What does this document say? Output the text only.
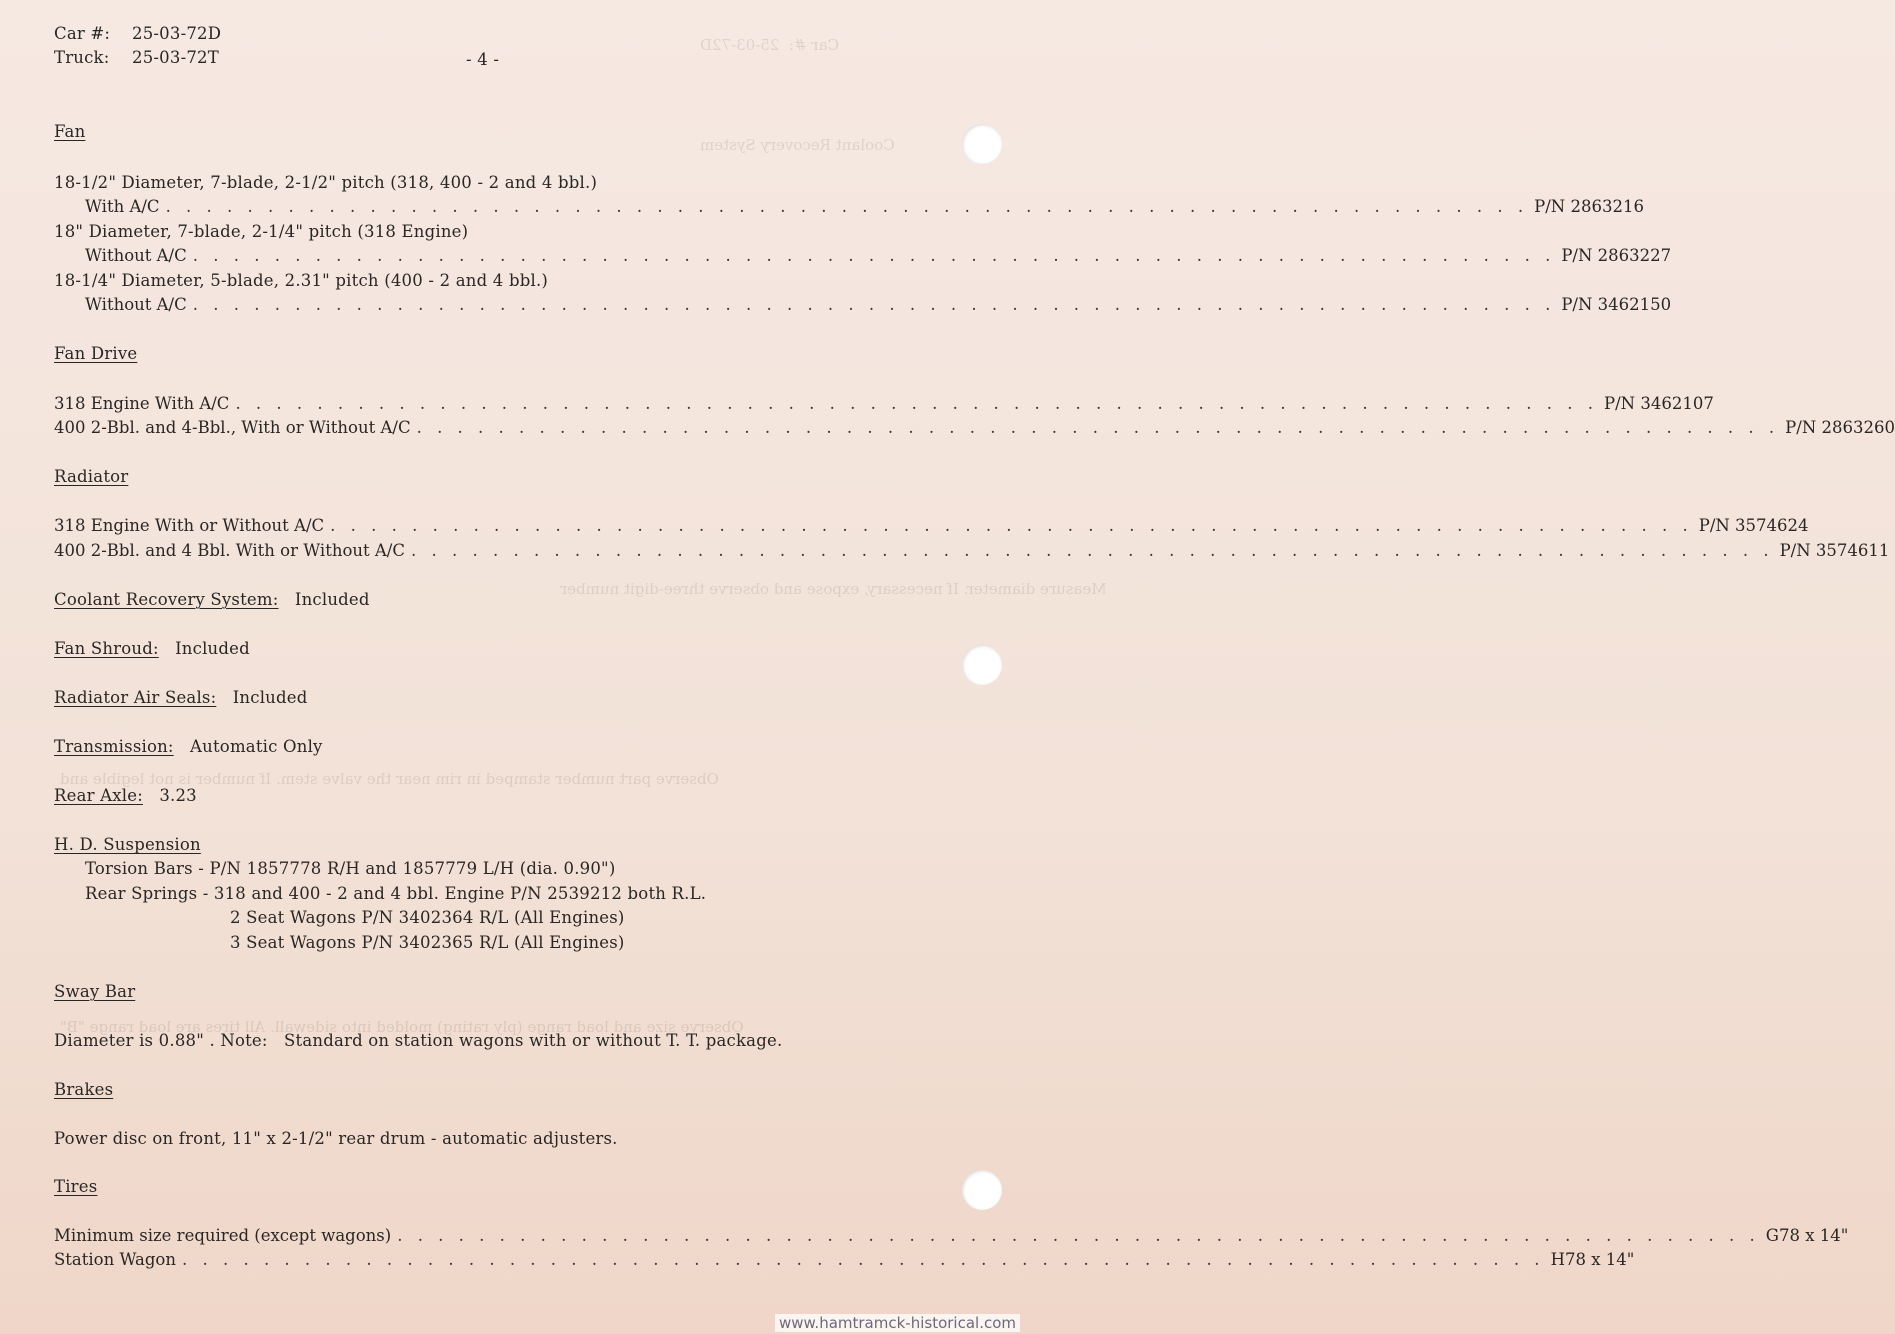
Car #:  25-03-72D
Coolant Recovery System
Measure diameter. If necessary, expose and observe three-digit number
Observe part number stamped in rim near the valve stem. If number is not legible and
Observe size and load range (ply rating) molded into sidewall. All tires are load range "B"
Car #: 25-03-72D
Truck: 25-03-72T	- 4 -
Fan
18-1/2" Diameter, 7-blade, 2-1/2" pitch (318, 400 - 2 and 4 bbl.)
With A/C . . . . . . . . . . . . . . . . . . . . . . . . . . . . . . . . . . . . . . . . . . . . . . . . . . . . . . . . . . . . . . . . . . . P/N 2863216
18" Diameter, 7-blade, 2-1/4" pitch (318 Engine)
Without A/C . . . . . . . . . . . . . . . . . . . . . . . . . . . . . . . . . . . . . . . . . . . . . . . . . . . . . . . . . . . . . . . . . . . P/N 2863227
18-1/4" Diameter, 5-blade, 2.31" pitch (400 - 2 and 4 bbl.)
Without A/C . . . . . . . . . . . . . . . . . . . . . . . . . . . . . . . . . . . . . . . . . . . . . . . . . . . . . . . . . . . . . . . . . . . P/N 3462150
Fan Drive
318 Engine With A/C . . . . . . . . . . . . . . . . . . . . . . . . . . . . . . . . . . . . . . . . . . . . . . . . . . . . . . . . . . . . . . . . . . . P/N 3462107
400 2-Bbl. and 4-Bbl., With or Without A/C . . . . . . . . . . . . . . . . . . . . . . . . . . . . . . . . . . . . . . . . . . . . . . . . . . . . . . . . . . . . . . . . . . . P/N 2863260
Radiator
318 Engine With or Without A/C . . . . . . . . . . . . . . . . . . . . . . . . . . . . . . . . . . . . . . . . . . . . . . . . . . . . . . . . . . . . . . . . . . . P/N 3574624
400 2-Bbl. and 4 Bbl. With or Without A/C . . . . . . . . . . . . . . . . . . . . . . . . . . . . . . . . . . . . . . . . . . . . . . . . . . . . . . . . . . . . . . . . . . . P/N 3574611
Coolant Recovery System: Included
Fan Shroud: Included
Radiator Air Seals: Included
Transmission: Automatic Only
Rear Axle: 3.23
H. D. Suspension
Torsion Bars - P/N 1857778 R/H and 1857779 L/H (dia. 0.90")
Rear Springs - 318 and 400 - 2 and 4 bbl. Engine P/N 2539212 both R.L.
2 Seat Wagons P/N 3402364 R/L (All Engines)
3 Seat Wagons P/N 3402365 R/L (All Engines)
Sway Bar
Diameter is 0.88" . Note:   Standard on station wagons with or without T. T. package.
Brakes
Power disc on front, 11" x 2-1/2" rear drum - automatic adjusters.
Tires
Minimum size required (except wagons) . . . . . . . . . . . . . . . . . . . . . . . . . . . . . . . . . . . . . . . . . . . . . . . . . . . . . . . . . . . . . . . . . . . G78 x 14"
Station Wagon . . . . . . . . . . . . . . . . . . . . . . . . . . . . . . . . . . . . . . . . . . . . . . . . . . . . . . . . . . . . . . . . . . . H78 x 14"
www.hamtramck-historical.com
